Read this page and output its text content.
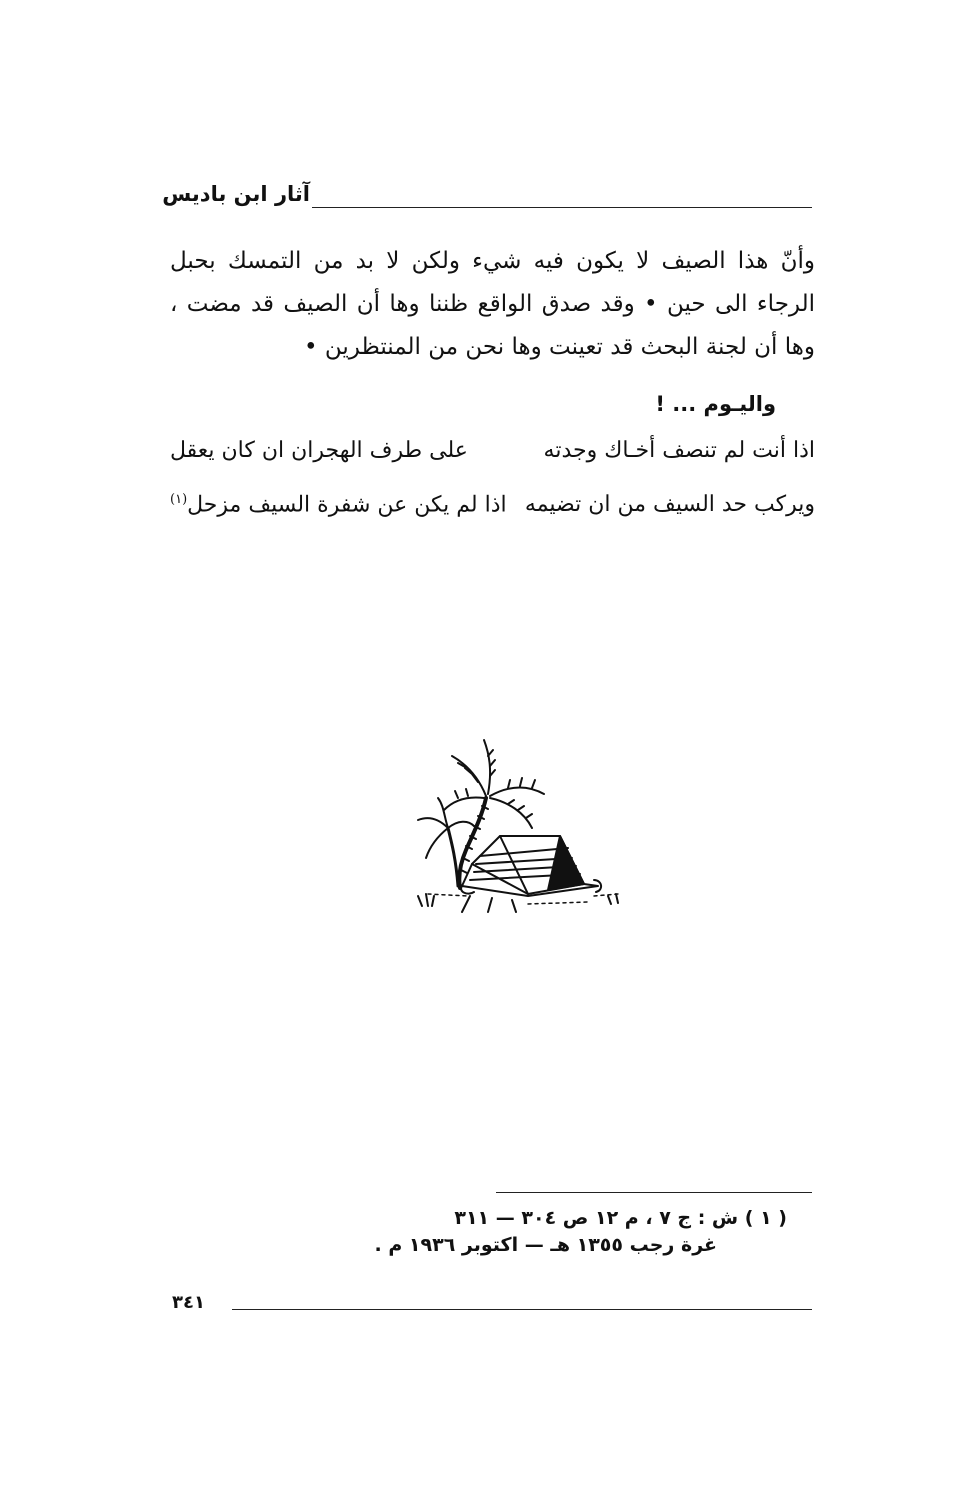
آثار ابن باديس
وأنّ هذا الصيف لا يكون فيه شيء ولكن لا بد من التمسك بحبل
الرجاء الى حين • وقد صدق الواقع ظننا وها أن الصيف قد مضت ،
وها أن لجنة البحث قد تعينت وها نحن من المنتظرين •
واليـوم ... !
اذا أنت لم تنصف أخـاك وجدته
على طرف الهجران ان كان يعقل
ويركب حد السيف من ان تضيمه
اذا لم يكن عن شفرة السيف مزحل$^{(١)}$
( ١ ) ش : ج ٧ ، م ١٢ ص ٣٠٤ — ٣١١
غرة رجب ١٣٥٥ هـ — اكتوبر ١٩٣٦ م .
٣٤١
